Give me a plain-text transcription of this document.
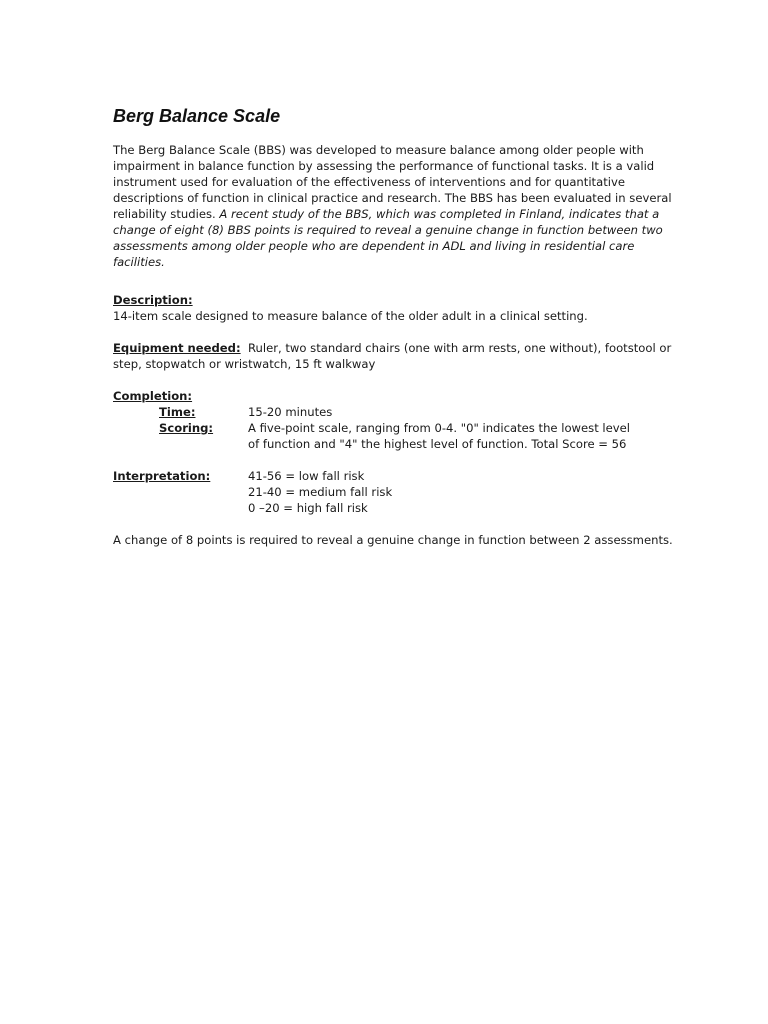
Berg Balance Scale

The Berg Balance Scale (BBS) was developed to measure balance among older people with impairment in balance function by assessing the performance of functional tasks. It is a valid instrument used for evaluation of the effectiveness of interventions and for quantitative descriptions of function in clinical practice and research. The BBS has been evaluated in several reliability studies. A recent study of the BBS, which was completed in Finland, indicates that a change of eight (8) BBS points is required to reveal a genuine change in function between two assessments among older people who are dependent in ADL and living in residential care facilities.

Description:
14-item scale designed to measure balance of the older adult in a clinical setting.
Equipment needed: Ruler, two standard chairs (one with arm rests, one without), footstool or step, stopwatch or wristwatch, 15 ft walkway
Completion:
Time:	15-20 minutes
Scoring:	A five-point scale, ranging from 0-4. "0" indicates the lowest level
of function and "4" the highest level of function. Total Score = 56
Interpretation:	41-56 = low fall risk
21-40 = medium fall risk
0 –20 = high fall risk
A change of 8 points is required to reveal a genuine change in function between 2 assessments.
